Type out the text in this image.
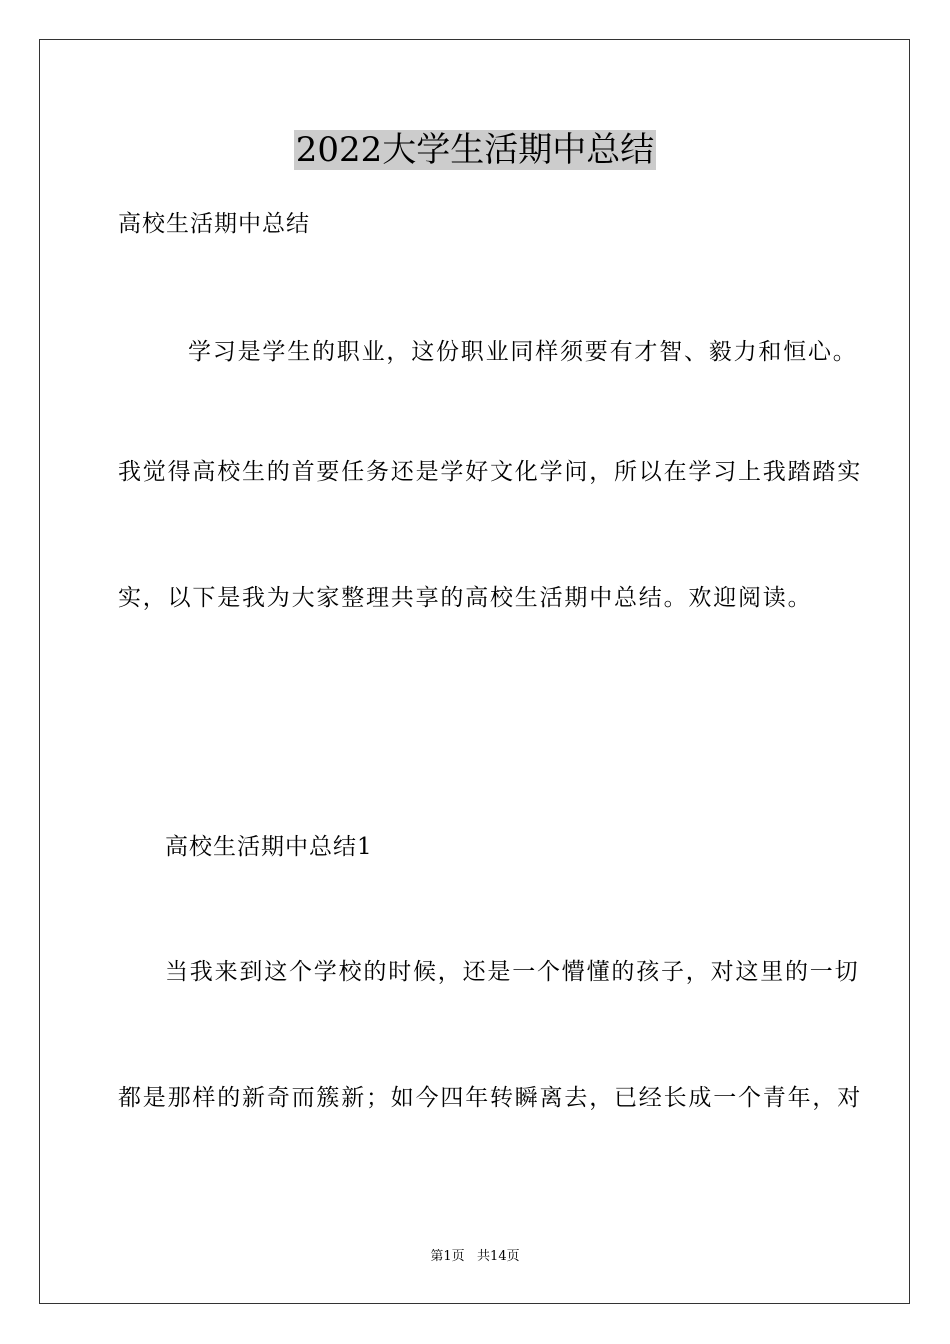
2022大学生活期中总结
高校生活期中总结
学习是学生的职业，这份职业同样须要有才智、毅力和恒心。
我觉得高校生的首要任务还是学好文化学问，所以在学习上我踏踏实
实，以下是我为大家整理共享的高校生活期中总结。欢迎阅读。
高校生活期中总结1
当我来到这个学校的时候，还是一个懵懂的孩子，对这里的一切
都是那样的新奇而簇新；如今四年转瞬离去，已经长成一个青年，对
第1页   共14页
